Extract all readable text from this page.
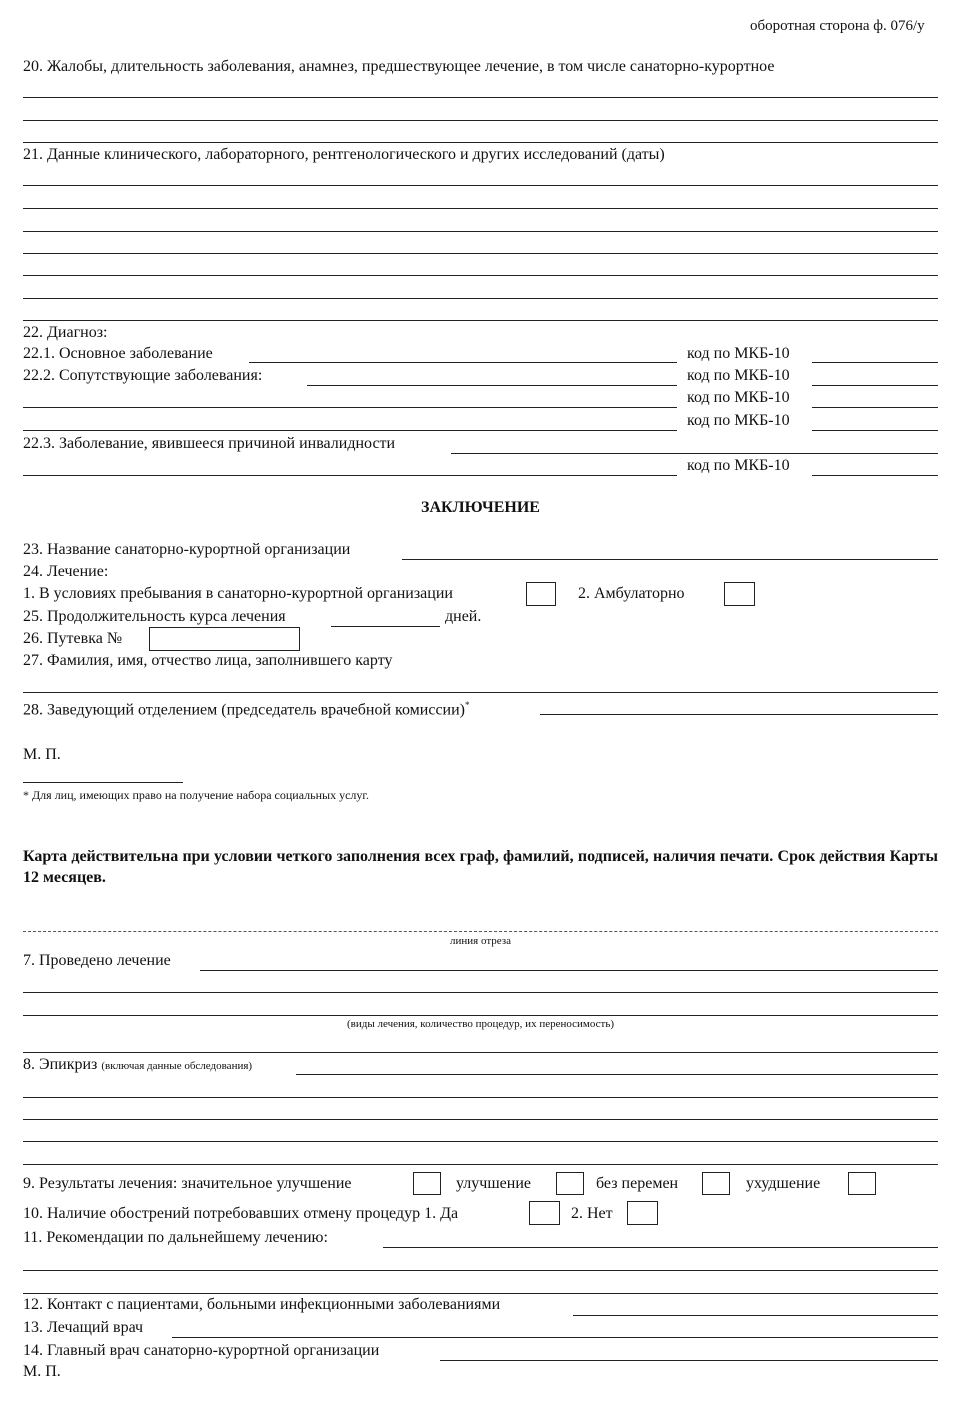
оборотная сторона ф. 076/у
20. Жалобы, длительность заболевания, анамнез, предшествующее лечение, в том числе санаторно-курортное
21. Данные клинического, лабораторного, рентгенологического и других исследований (даты)
22. Диагноз:
22.1. Основное заболевание	код по МКБ-10
22.2. Сопутствующие заболевания:	код по МКБ-10
код по МКБ-10
код по МКБ-10
22.3. Заболевание, явившееся причиной инвалидности
код по МКБ-10
ЗАКЛЮЧЕНИЕ
23. Название санаторно-курортной организации
24. Лечение:
1. В условиях пребывания в санаторно-курортной организации	2. Амбулаторно
25. Продолжительность курса лечения	дней.
26. Путевка №
27. Фамилия, имя, отчество лица, заполнившего карту
28. Заведующий отделением (председатель врачебной комиссии)*
М. П.
* Для лиц, имеющих право на получение набора социальных услуг.
Карта действительна при условии четкого заполнения всех граф, фамилий, подписей, наличия печати. Срок действия Карты 12 месяцев.
линия отреза
7. Проведено лечение
(виды лечения, количество процедур, их переносимость)
8. Эпикриз (включая данные обследования)
9. Результаты лечения: значительное улучшение	улучшение	без перемен	ухудшение
10. Наличие обострений потребовавших отмену процедур 1. Да	2. Нет
11. Рекомендации по дальнейшему лечению:
12. Контакт с пациентами, больными инфекционными заболеваниями
13. Лечащий врач
14. Главный врач санаторно-курортной организации
М. П.
